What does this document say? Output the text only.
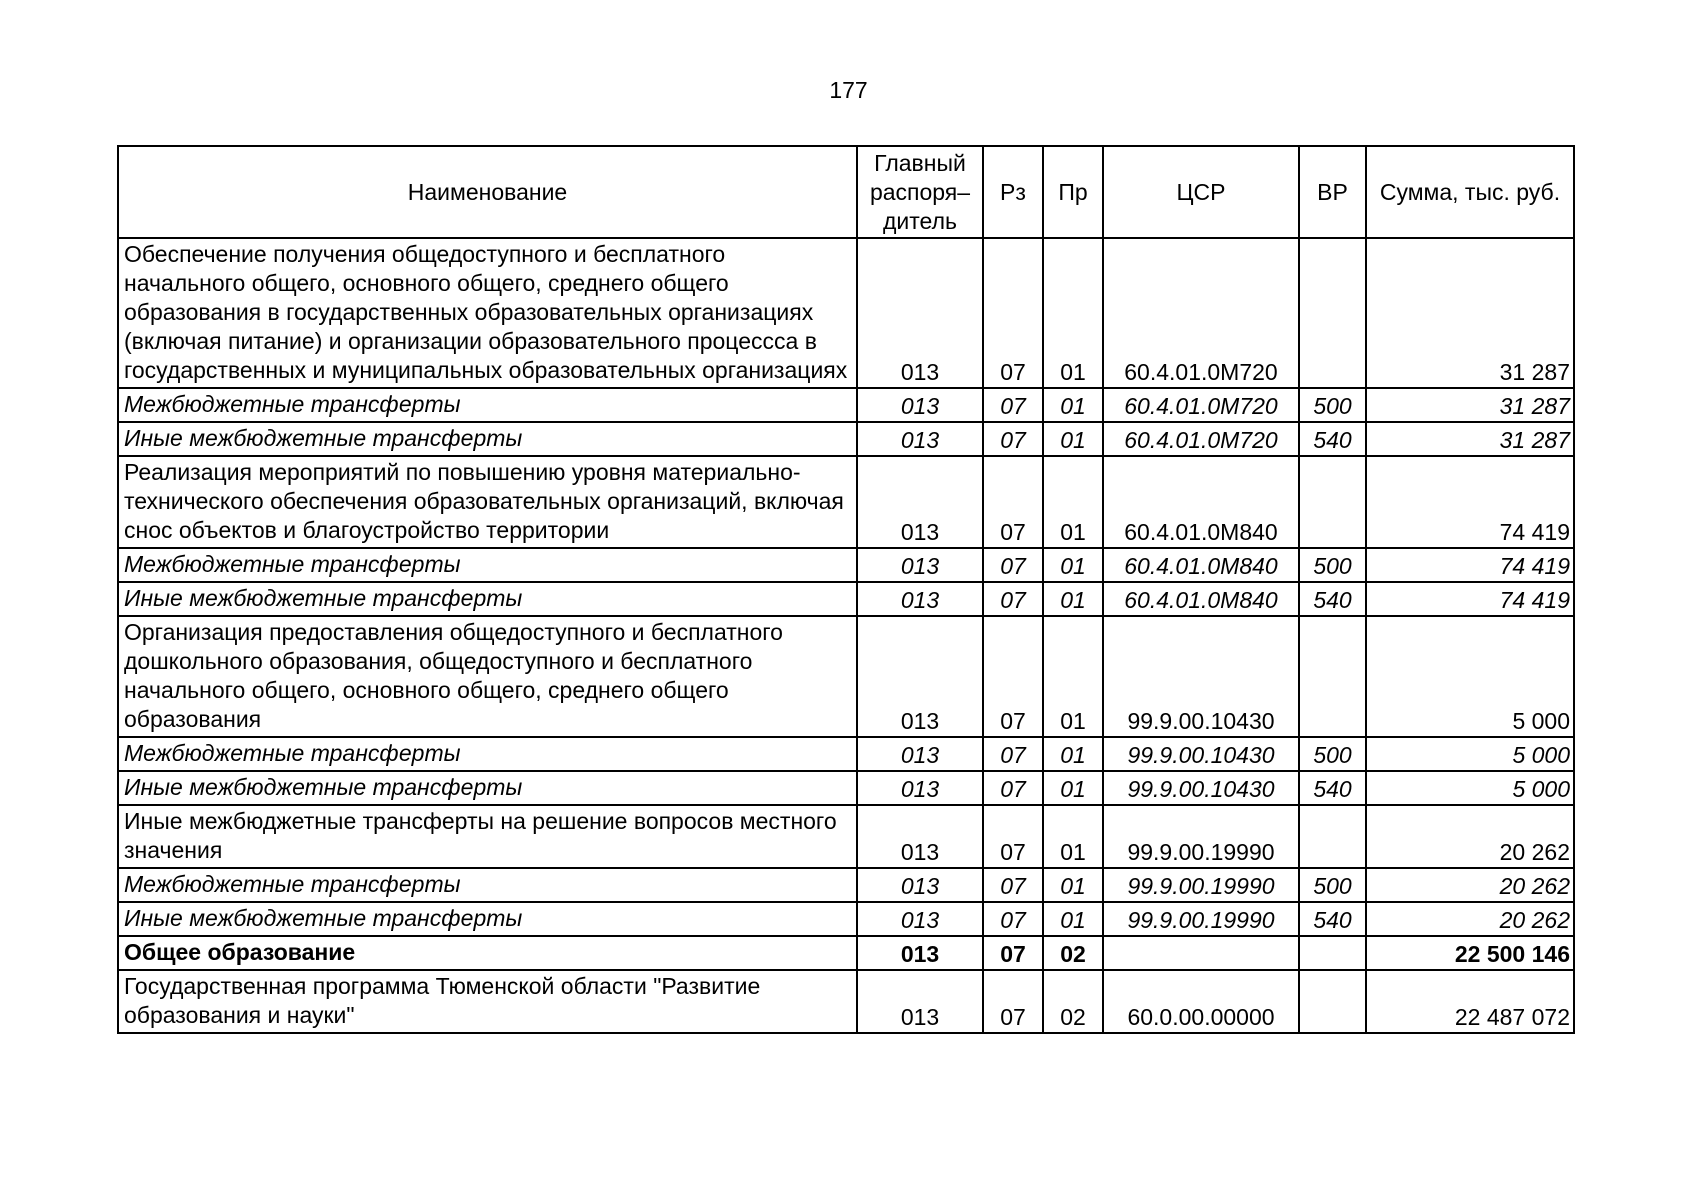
177
Наименование	Главный распоря– дитель	Рз	Пр	ЦСР	ВР	Сумма, тыс. руб.
Обеспечение получения общедоступного и бесплатного начального общего, основного общего, среднего общего образования в государственных образовательных организациях (включая питание) и организации образовательного процессса в государственных и муниципальных образовательных организациях	013	07	01	60.4.01.0М720		31 287
Межбюджетные трансферты	013	07	01	60.4.01.0М720	500	31 287
Иные межбюджетные трансферты	013	07	01	60.4.01.0М720	540	31 287
Реализация мероприятий по повышению уровня материально-технического обеспечения образовательных организаций, включая снос объектов и благоустройство территории	013	07	01	60.4.01.0М840		74 419
Межбюджетные трансферты	013	07	01	60.4.01.0М840	500	74 419
Иные межбюджетные трансферты	013	07	01	60.4.01.0М840	540	74 419
Организация предоставления общедоступного и бесплатного дошкольного образования, общедоступного и бесплатного начального общего, основного общего, среднего общего образования	013	07	01	99.9.00.10430		5 000
Межбюджетные трансферты	013	07	01	99.9.00.10430	500	5 000
Иные межбюджетные трансферты	013	07	01	99.9.00.10430	540	5 000
Иные межбюджетные трансферты на решение вопросов местного значения	013	07	01	99.9.00.19990		20 262
Межбюджетные трансферты	013	07	01	99.9.00.19990	500	20 262
Иные межбюджетные трансферты	013	07	01	99.9.00.19990	540	20 262
Общее образование	013	07	02			22 500 146
Государственная программа Тюменской области "Развитие образования и науки"	013	07	02	60.0.00.00000		22 487 072
